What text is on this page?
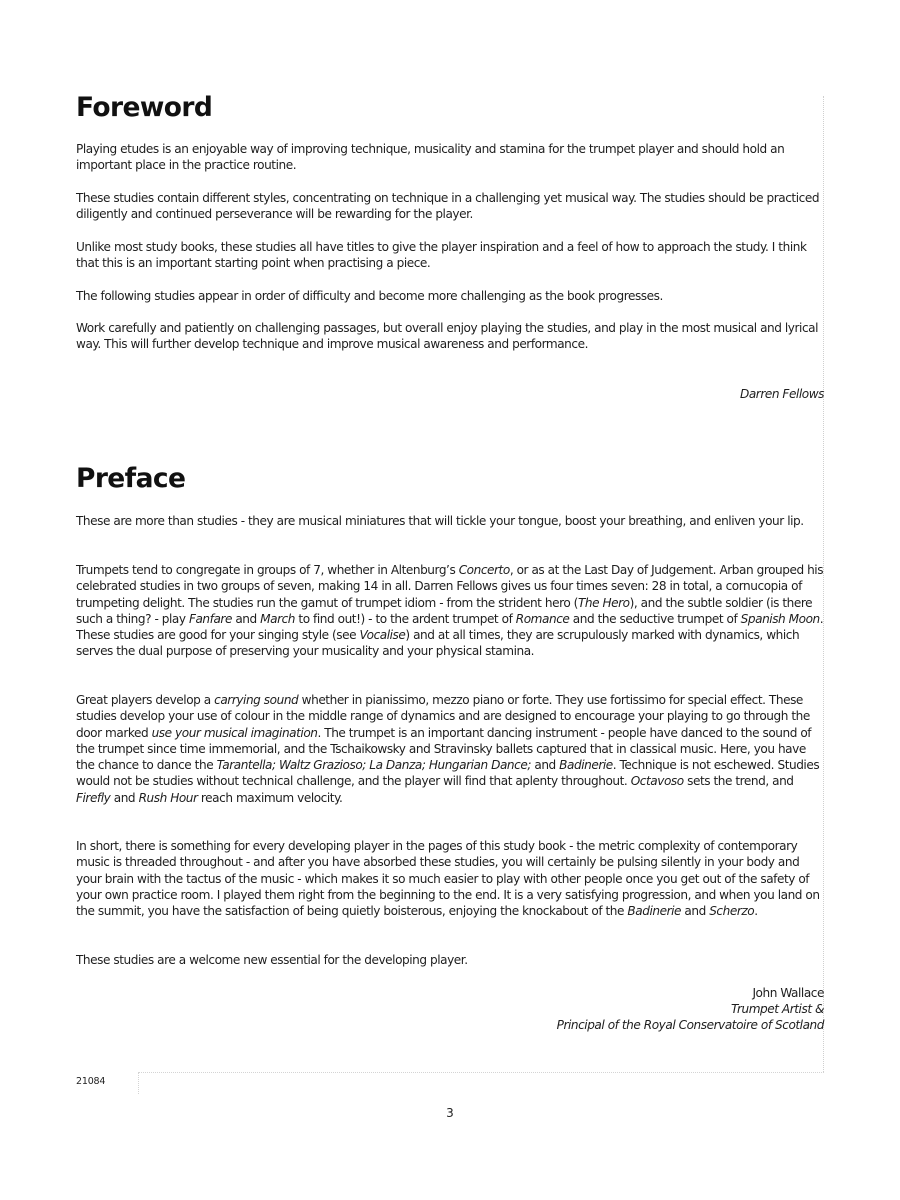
Foreword

Playing etudes is an enjoyable way of improving technique, musicality and stamina for the trumpet player and should hold an important place in the practice routine.

These studies contain different styles, concentrating on technique in a challenging yet musical way. The studies should be practiced diligently and continued perseverance will be rewarding for the player.

Unlike most study books, these studies all have titles to give the player inspiration and a feel of how to approach the study. I think that this is an important starting point when practising a piece.

The following studies appear in order of difficulty and become more challenging as the book progresses.

Work carefully and patiently on challenging passages, but overall enjoy playing the studies, and play in the most musical and lyrical way. This will further develop technique and improve musical awareness and performance.

Darren Fellows
Preface

These are more than studies - they are musical miniatures that will tickle your tongue, boost your breathing, and enliven your lip.

Trumpets tend to congregate in groups of 7, whether in Altenburg’s Concerto, or as at the Last Day of Judgement. Arban grouped his celebrated studies in two groups of seven, making 14 in all. Darren Fellows gives us four times seven: 28 in total, a cornucopia of trumpeting delight. The studies run the gamut of trumpet idiom - from the strident hero (The Hero), and the subtle soldier (is there such a thing? - play Fanfare and March to find out!) - to the ardent trumpet of Romance and the seductive trumpet of Spanish Moon. These studies are good for your singing style (see Vocalise) and at all times, they are scrupulously marked with dynamics, which serves the dual purpose of preserving your musicality and your physical stamina.

Great players develop a carrying sound whether in pianissimo, mezzo piano or forte. They use fortissimo for special effect. These studies develop your use of colour in the middle range of dynamics and are designed to encourage your playing to go through the door marked use your musical imagination. The trumpet is an important dancing instrument - people have danced to the sound of the trumpet since time immemorial, and the Tschaikowsky and Stravinsky ballets captured that in classical music. Here, you have the chance to dance the Tarantella; Waltz Grazioso; La Danza; Hungarian Dance; and Badinerie. Technique is not eschewed. Studies would not be studies without technical challenge, and the player will find that aplenty throughout. Octavoso sets the trend, and Firefly and Rush Hour reach maximum velocity.

In short, there is something for every developing player in the pages of this study book - the metric complexity of contemporary music is threaded throughout - and after you have absorbed these studies, you will certainly be pulsing silently in your body and your brain with the tactus of the music - which makes it so much easier to play with other people once you get out of the safety of your own practice room. I played them right from the beginning to the end. It is a very satisfying progression, and when you land on the summit, you have the satisfaction of being quietly boisterous, enjoying the knockabout of the Badinerie and Scherzo.

These studies are a welcome new essential for the developing player.

John Wallace
Trumpet Artist &
Principal of the Royal Conservatoire of Scotland
21084
3
